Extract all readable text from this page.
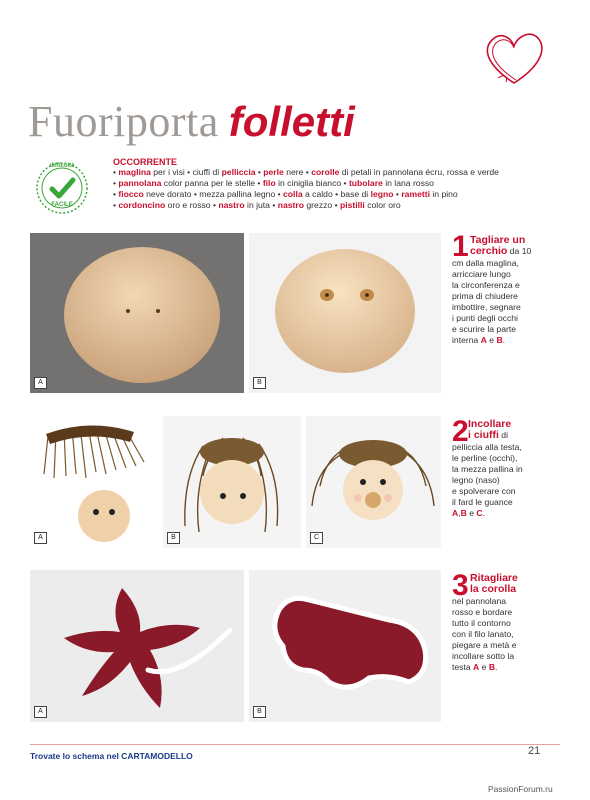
Fuoriporta folletti
difficoltà
FACILE
OCCORRENTE
• maglina per i visi • ciuffi di pelliccia • perle nere • corolle di petali in pannolana écru, rossa e verde
• pannolana color panna per le stelle • filo in ciniglia bianco • tubolare in lana rosso
• fiocco neve dorato • mezza pallina legno • colla a caldo • base di legno • rametti in pino
• cordoncino oro e rosso • nastro in juta • nastro grezzo • pistilli color oro
A	B
1 Tagliare un
cerchio da 10
cm dalla maglina,
arricciare lungo
la circonferenza e
prima di chiudere
imbottire, segnare
i punti degli occhi
e scurire la parte
interna A e B.
A	B	C
2 Incollare
i ciuffi di
pelliccia alla testa,
le perline (occhi),
la mezza pallina in
legno (naso)
e spolverare con
il fard le guance
A,B e C.
A	B
3 Ritagliare
la corolla
nel pannolana
rosso e bordare
tutto il contorno
con il filo lanato,
piegare a metà e
incollare sotto la
testa A e B.
Trovate lo schema nel CARTAMODELLO	21
PassionForum.ru
